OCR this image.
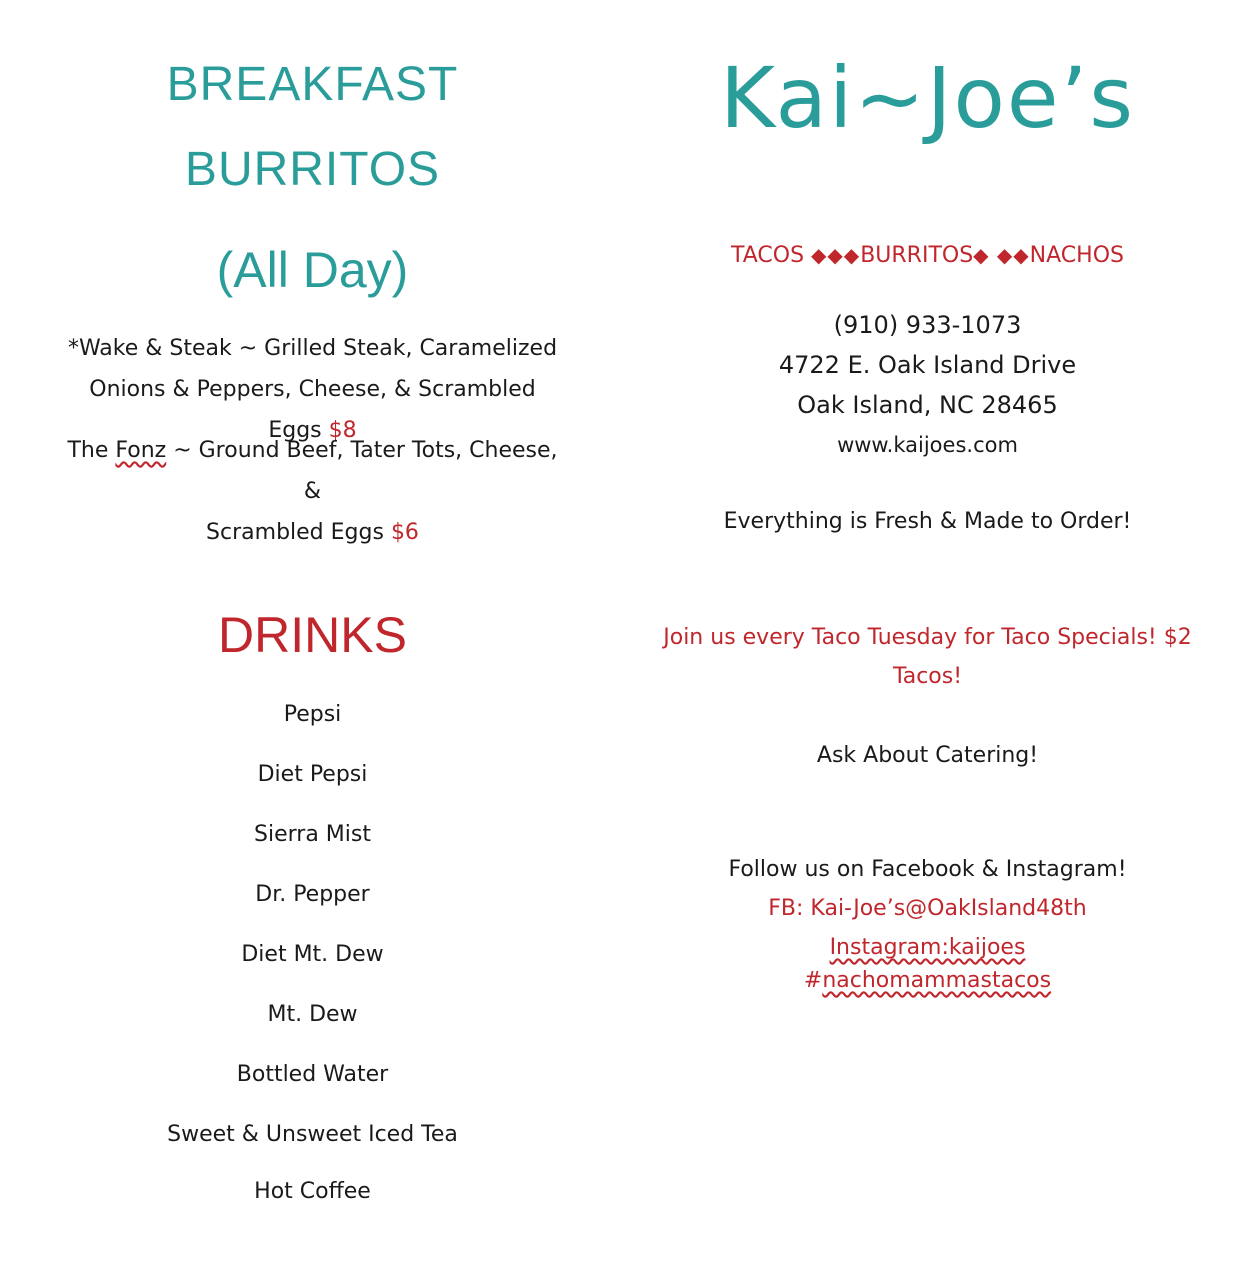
BREAKFAST
BURRITOS
(All Day)
*Wake & Steak ~ Grilled Steak, Caramelized
Onions & Peppers, Cheese, & Scrambled Eggs $8
The Fonz ~ Ground Beef, Tater Tots, Cheese, &
Scrambled Eggs $6
DRINKS
Pepsi
Diet Pepsi
Sierra Mist
Dr. Pepper
Diet Mt. Dew
Mt. Dew
Bottled Water
Sweet & Unsweet Iced Tea
Hot Coffee
Kai~Joe’s
TACOS ◆◆◆BURRITOS◆ ◆◆NACHOS
(910) 933-1073
4722 E. Oak Island Drive
Oak Island, NC 28465
www.kaijoes.com
Everything is Fresh & Made to Order!
Join us every Taco Tuesday for Taco Specials! $2
Tacos!
Ask About Catering!
Follow us on Facebook & Instagram!
FB: Kai-Joe’s@OakIsland48th
Instagram:kaijoes
#nachomammastacos
